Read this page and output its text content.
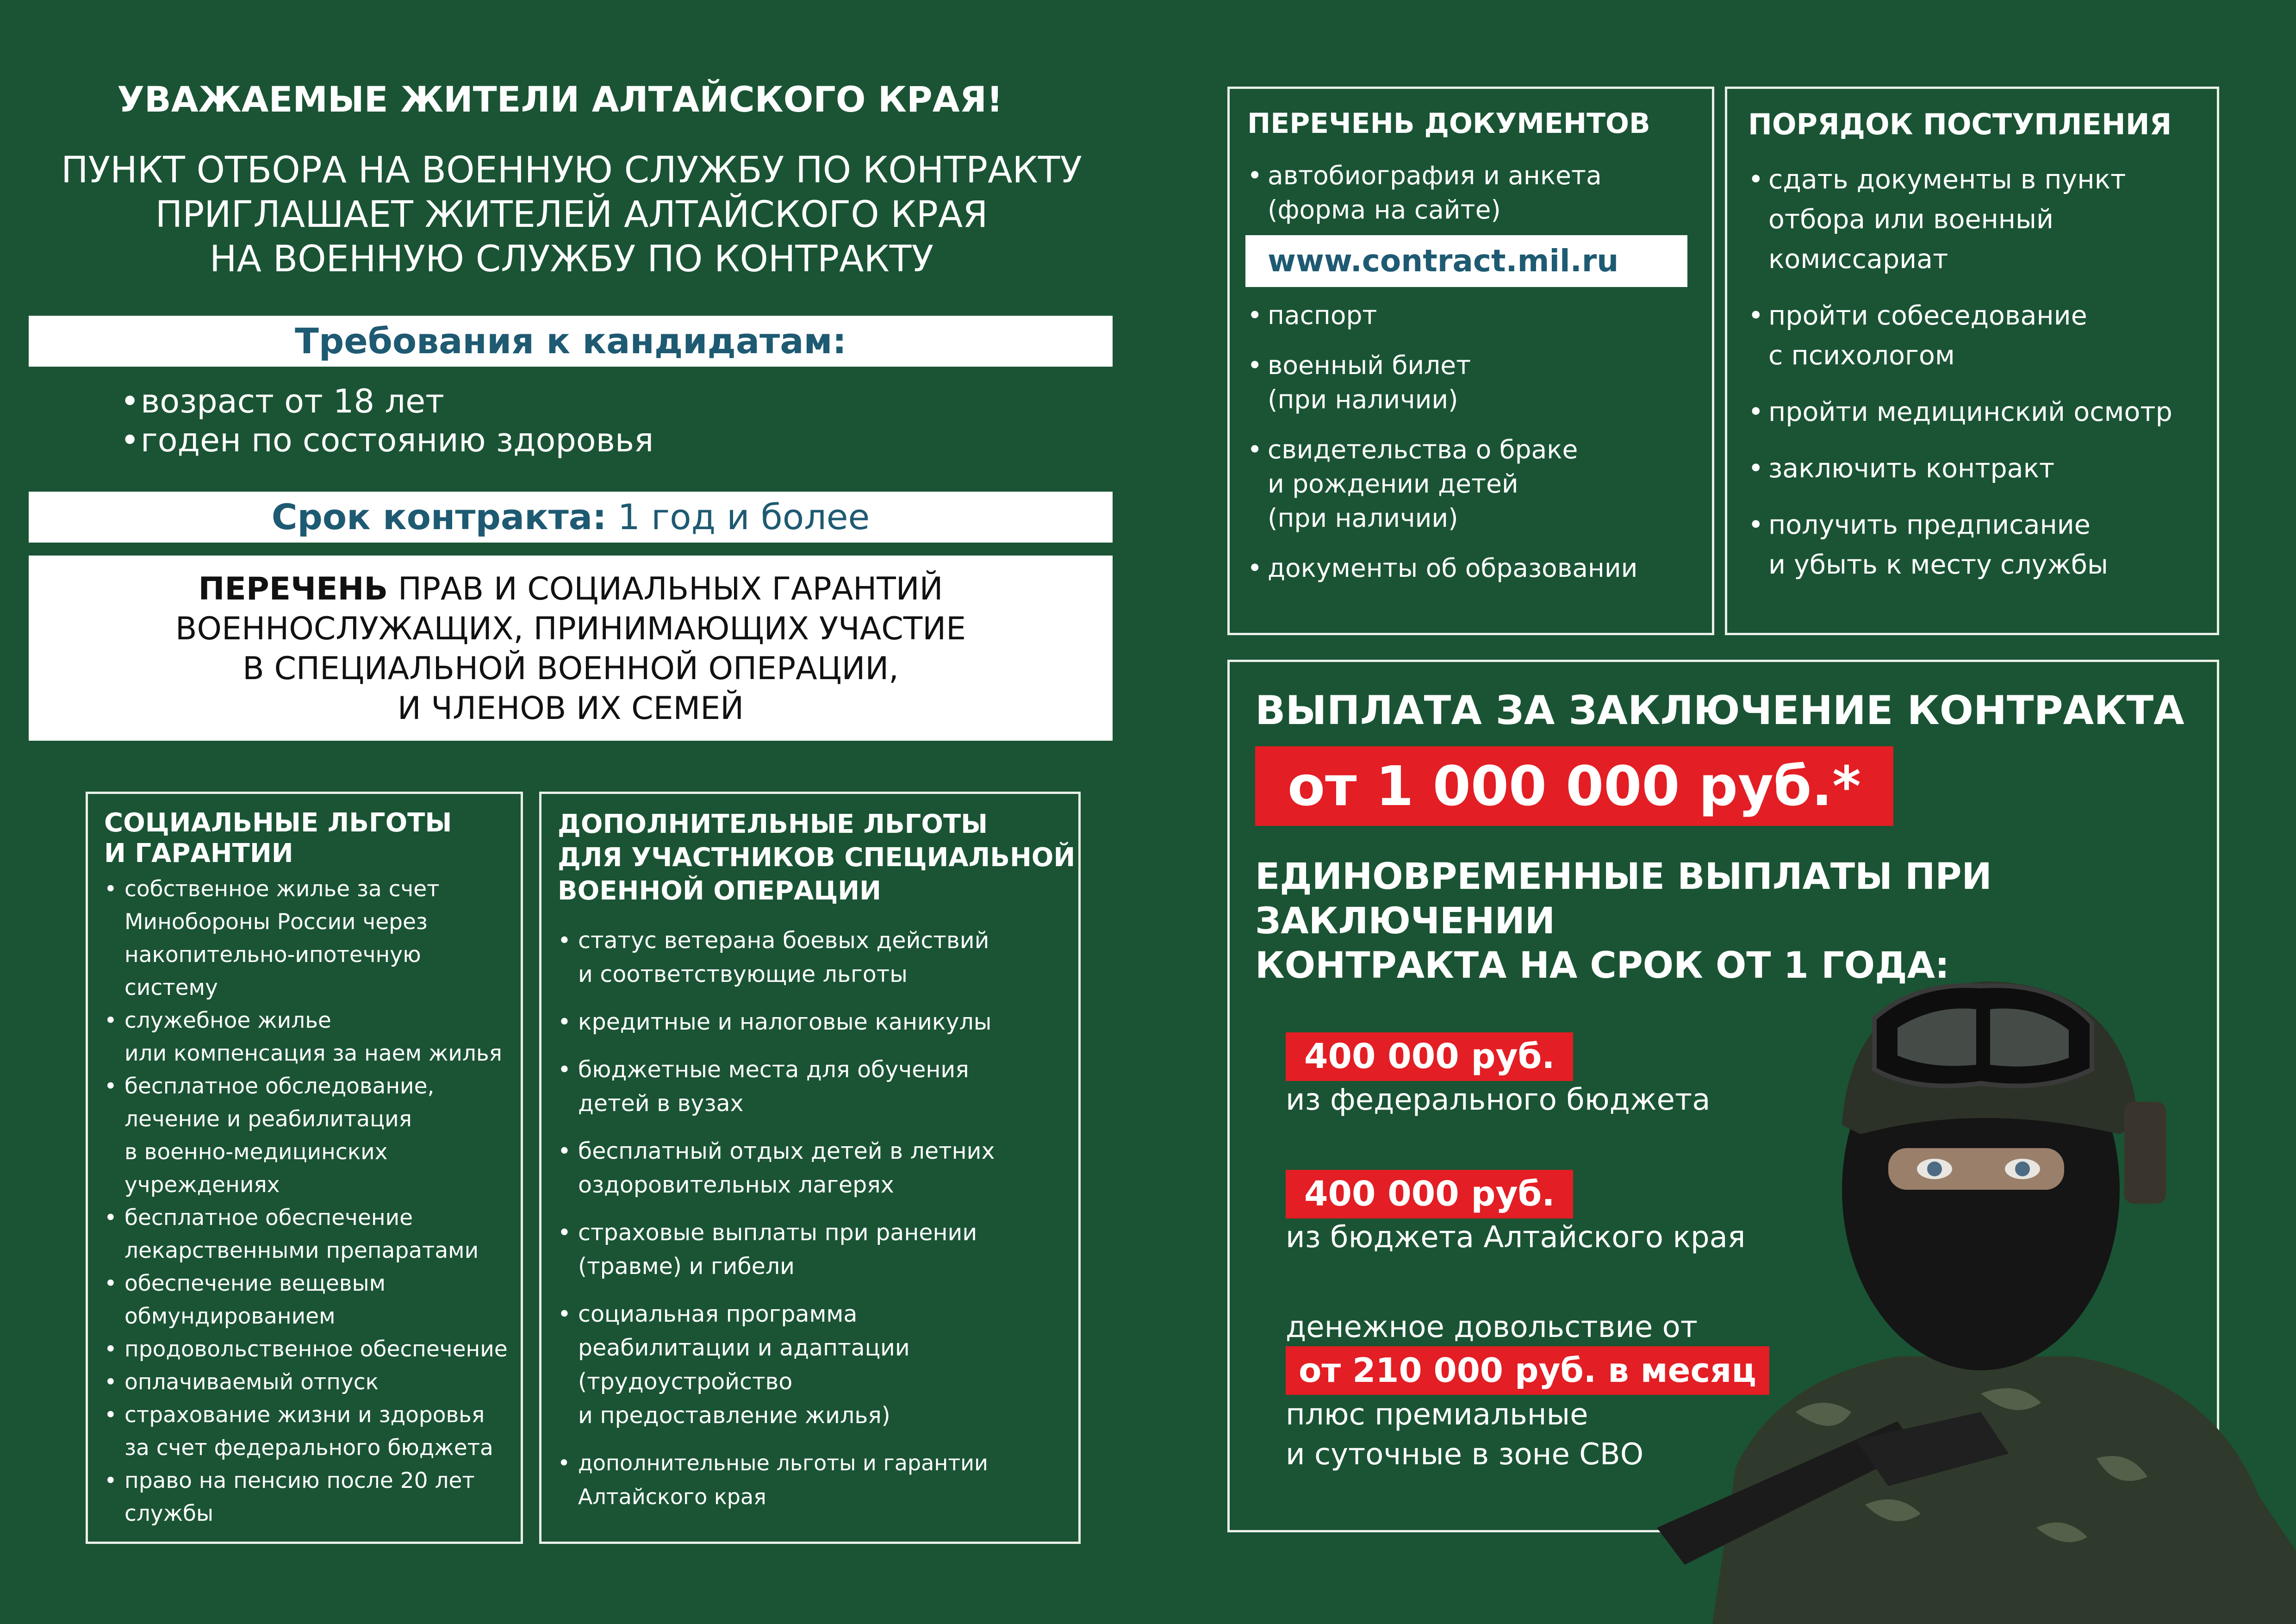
УВАЖАЕМЫЕ ЖИТЕЛИ АЛТАЙСКОГО КРАЯ!
ПУНКТ ОТБОРА НА ВОЕННУЮ СЛУЖБУ ПО КОНТРАКТУ
ПРИГЛАШАЕТ ЖИТЕЛЕЙ АЛТАЙСКОГО КРАЯ
НА ВОЕННУЮ СЛУЖБУ ПО КОНТРАКТУ
Требования к кандидатам:
• возраст от 18 лет
• годен по состоянию здоровья
Срок контракта: 1 год и более
ПЕРЕЧЕНЬ ПРАВ И СОЦИАЛЬНЫХ ГАРАНТИЙ
ВОЕННОСЛУЖАЩИХ, ПРИНИМАЮЩИХ УЧАСТИЕ
В СПЕЦИАЛЬНОЙ ВОЕННОЙ ОПЕРАЦИИ,
И ЧЛЕНОВ ИХ СЕМЕЙ
СОЦИАЛЬНЫЕ ЛЬГОТЫ
И ГАРАНТИИ
• собственное жилье за счет
Минобороны России через
накопительно-ипотечную
систему
• служебное жилье
или компенсация за наем жилья
• бесплатное обследование,
лечение и реабилитация
в военно-медицинских
учреждениях
• бесплатное обеспечение
лекарственными препаратами
• обеспечение вещевым
обмундированием
• продовольственное обеспечение
• оплачиваемый отпуск
• страхование жизни и здоровья
за счет федерального бюджета
• право на пенсию после 20 лет
службы
ДОПОЛНИТЕЛЬНЫЕ ЛЬГОТЫ
ДЛЯ УЧАСТНИКОВ СПЕЦИАЛЬНОЙ
ВОЕННОЙ ОПЕРАЦИИ
• статус ветерана боевых действий
и соответствующие льготы
• кредитные и налоговые каникулы
• бюджетные места для обучения
детей в вузах
• бесплатный отдых детей в летних
оздоровительных лагерях
• страховые выплаты при ранении
(травме) и гибели
• социальная программа
реабилитации и адаптации
(трудоустройство
и предоставление жилья)
• дополнительные льготы и гарантии
Алтайского края
ПЕРЕЧЕНЬ ДОКУМЕНТОВ
• автобиография и анкета
(форма на сайте)
www.contract.mil.ru
• паспорт
• военный билет
(при наличии)
• свидетельства о браке
и рождении детей
(при наличии)
• документы об образовании
ПОРЯДОК ПОСТУПЛЕНИЯ
• сдать документы в пункт
отбора или военный
комиссариат
• пройти собеседование
с психологом
• пройти медицинский осмотр
• заключить контракт
• получить предписание
и убыть к месту службы
ВЫПЛАТА ЗА ЗАКЛЮЧЕНИЕ КОНТРАКТА
от 1 000 000 руб.*
ЕДИНОВРЕМЕННЫЕ ВЫПЛАТЫ ПРИ ЗАКЛЮЧЕНИИ
КОНТРАКТА НА СРОК ОТ 1 ГОДА:
400 000 руб.
из федерального бюджета
400 000 руб.
из бюджета Алтайского края
денежное довольствие от
от 210 000 руб. в месяц
плюс премиальные
и суточные в зоне СВО
